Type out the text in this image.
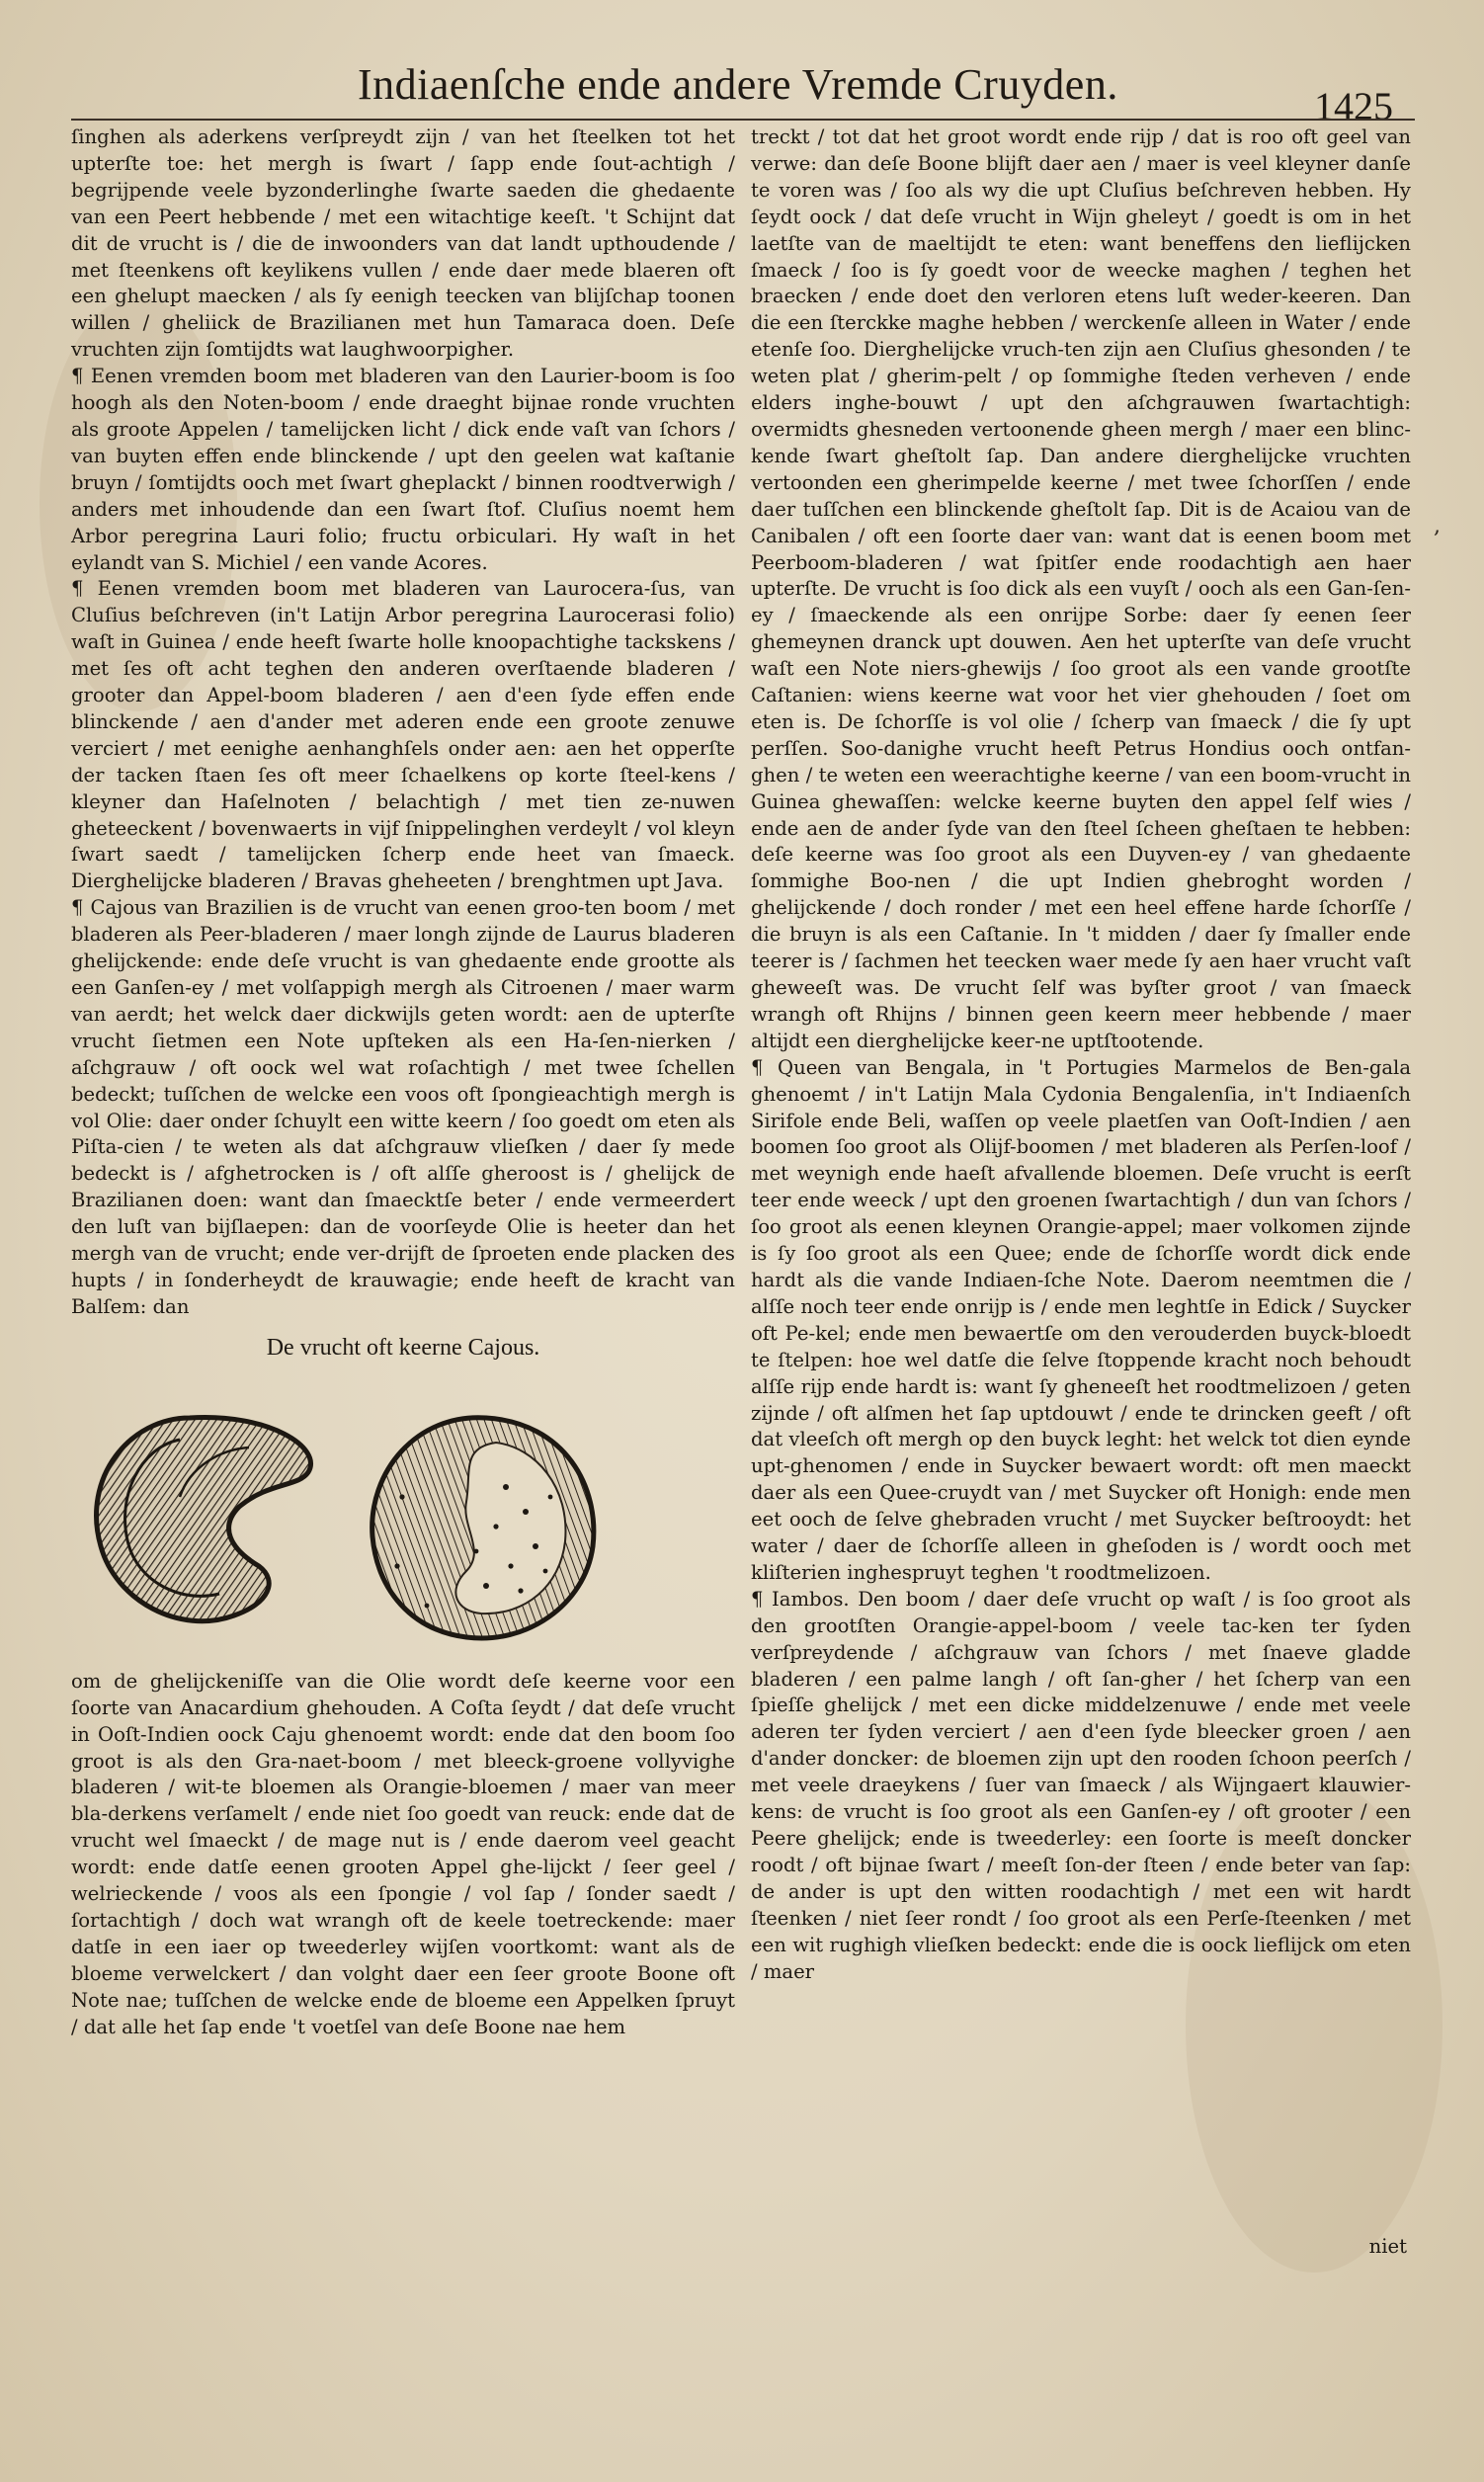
Indiaenſche ende andere Vremde Cruyden.	1425
,

ſinghen als aderkens verſpreydt zijn / van het ſteelken tot het upterſte toe: het mergh is ſwart / ſapp ende ſout-achtigh / begrijpende veele byzonderlinghe ſwarte saeden die ghedaente van een Peert hebbende / met een witachtige keeſt. 't Schijnt dat dit de vrucht is / die de inwoonders van dat landt upthoudende / met ſteenkens oft keylikens vullen / ende daer mede blaeren oft een ghelupt maecken / als ſy eenigh teecken van blijſchap toonen willen / gheliick de Brazilianen met hun Tamaraca doen. Deſe vruchten zijn ſomtijdts wat laughwoorpigher.

¶ Eenen vremden boom met bladeren van den Laurier-boom is ſoo hoogh als den Noten-boom / ende draeght bijnae ronde vruchten als groote Appelen / tamelijcken licht / dick ende vaſt van ſchors / van buyten effen ende blinckende / upt den geelen wat kaſtanie bruyn / ſomtijdts ooch met ſwart gheplackt / binnen roodtverwigh / anders met inhoudende dan een ſwart ſtof. Cluſius noemt hem Arbor peregrina Lauri folio; fructu orbiculari. Hy waſt in het eylandt van S. Michiel / een vande Acores.

¶ Eenen vremden boom met bladeren van Laurocera-ſus, van Cluſius beſchreven (in't Latijn Arbor peregrina Laurocerasi folio) waſt in Guinea / ende heeft ſwarte holle knoopachtighe tackskens / met ſes oft acht teghen den anderen overſtaende bladeren / grooter dan Appel-boom bladeren / aen d'een ſyde effen ende blinckende / aen d'ander met aderen ende een groote zenuwe verciert / met eenighe aenhanghſels onder aen: aen het opperſte der tacken ſtaen ſes oft meer ſchaelkens op korte ſteel-kens / kleyner dan Haſelnoten / belachtigh / met tien ze-nuwen gheteeckent / bovenwaerts in vijf ſnippelinghen verdeylt / vol kleyn ſwart saedt / tamelijcken ſcherp ende heet van ſmaeck. Dierghelijcke bladeren / Bravas gheheeten / brenghtmen upt Java.

¶ Cajous van Brazilien is de vrucht van eenen groo-ten boom / met bladeren als Peer-bladeren / maer longh zijnde de Laurus bladeren ghelijckende: ende deſe vrucht is van ghedaente ende grootte als een Ganſen-ey / met volſappigh mergh als Citroenen / maer warm van aerdt; het welck daer dickwijls geten wordt: aen de upterſte vrucht ſietmen een Note upſteken als een Ha-ſen-nierken / aſchgrauw / oft oock wel wat roſachtigh / met twee ſchellen bedeckt; tuſſchen de welcke een voos oft ſpongieachtigh mergh is vol Olie: daer onder ſchuylt een witte keern / ſoo goedt om eten als Piſta-cien / te weten als dat aſchgrauw vlieſken / daer ſy mede bedeckt is / afghetrocken is / oft alſſe gheroost is / ghelijck de Brazilianen doen: want dan ſmaecktſe beter / ende vermeerdert den luſt van bijſlaepen: dan de voorſeyde Olie is heeter dan het mergh van de vrucht; ende ver-drijft de ſproeten ende placken des hupts / in ſonderheydt de krauwagie; ende heeft de kracht van Balſem: dan

De vrucht oft keerne Cajous.

om de ghelijckeniſſe van die Olie wordt deſe keerne voor een ſoorte van Anacardium ghehouden. A Coſta ſeydt / dat deſe vrucht in Ooſt-Indien oock Caju ghenoemt wordt: ende dat den boom ſoo groot is als den Gra-naet-boom / met bleeck-groene vollyvighe bladeren / wit-te bloemen als Orangie-bloemen / maer van meer bla-derkens verſamelt / ende niet ſoo goedt van reuck: ende dat de vrucht wel ſmaeckt / de mage nut is / ende daerom veel geacht wordt: ende datſe eenen grooten Appel ghe-lijckt / ſeer geel / welrieckende / voos als een ſpongie / vol ſap / ſonder saedt / ſortachtigh / doch wat wrangh oft de keele toetreckende: maer datſe in een iaer op tweederley wijſen voortkomt: want als de bloeme verwelckert / dan volght daer een ſeer groote Boone oft Note nae; tuſſchen de welcke ende de bloeme een Appelken ſpruyt / dat alle het ſap ende 't voetſel van deſe Boone nae hem

treckt / tot dat het groot wordt ende rijp / dat is roo oft geel van verwe: dan deſe Boone blijft daer aen / maer is veel kleyner danſe te voren was / ſoo als wy die upt Cluſius beſchreven hebben. Hy ſeydt oock / dat deſe vrucht in Wijn gheleyt / goedt is om in het laetſte van de maeltijdt te eten: want beneffens den lieflijcken ſmaeck / ſoo is ſy goedt voor de weecke maghen / teghen het braecken / ende doet den verloren etens luſt weder-keeren. Dan die een ſterckke maghe hebben / werckenſe alleen in Water / ende etenſe ſoo. Dierghelijcke vruch-ten zijn aen Cluſius ghesonden / te weten plat / gherim-pelt / op ſommighe ſteden verheven / ende elders inghe-bouwt / upt den aſchgrauwen ſwartachtigh: overmidts ghesneden vertoonende gheen mergh / maer een blinc-kende ſwart gheſtolt ſap. Dan andere dierghelijcke vruchten vertoonden een gherimpelde keerne / met twee ſchorſſen / ende daer tuſſchen een blinckende gheſtolt ſap. Dit is de Acaiou van de Canibalen / oft een ſoorte daer van: want dat is eenen boom met Peerboom-bladeren / wat ſpitſer ende roodachtigh aen haer upterſte. De vrucht is ſoo dick als een vuyſt / ooch als een Gan-ſen-ey / ſmaeckende als een onrijpe Sorbe: daer ſy eenen ſeer ghemeynen dranck upt douwen. Aen het upterſte van deſe vrucht waſt een Note niers-ghewijs / ſoo groot als een vande grootſte Caſtanien: wiens keerne wat voor het vier ghehouden / ſoet om eten is. De ſchorſſe is vol olie / ſcherp van ſmaeck / die ſy upt perſſen. Soo-danighe vrucht heeft Petrus Hondius ooch ontfan-ghen / te weten een weerachtighe keerne / van een boom-vrucht in Guinea ghewaſſen: welcke keerne buyten den appel ſelf wies / ende aen de ander ſyde van den ſteel ſcheen gheſtaen te hebben: deſe keerne was ſoo groot als een Duyven-ey / van ghedaente ſommighe Boo-nen / die upt Indien ghebroght worden / ghelijckende / doch ronder / met een heel effene harde ſchorſſe / die bruyn is als een Caſtanie. In 't midden / daer ſy ſmaller ende teerer is / ſachmen het teecken waer mede ſy aen haer vrucht vaſt gheweeſt was. De vrucht ſelf was byſter groot / van ſmaeck wrangh oft Rhijns / binnen geen keern meer hebbende / maer altijdt een dierghelijcke keer-ne uptſtootende.

¶ Queen van Bengala, in 't Portugies Marmelos de Ben-gala ghenoemt / in't Latijn Mala Cydonia Bengalenſia, in't Indiaenſch Sirifole ende Beli, waſſen op veele plaetſen van Ooſt-Indien / aen boomen ſoo groot als Olijf-boomen / met bladeren als Perſen-loof / met weynigh ende haeſt afvallende bloemen. Deſe vrucht is eerſt teer ende weeck / upt den groenen ſwartachtigh / dun van ſchors / ſoo groot als eenen kleynen Orangie-appel; maer volkomen zijnde is ſy ſoo groot als een Quee; ende de ſchorſſe wordt dick ende hardt als die vande Indiaen-ſche Note. Daerom neemtmen die / alſſe noch teer ende onrijp is / ende men leghtſe in Edick / Suycker oft Pe-kel; ende men bewaertſe om den verouderden buyck-bloedt te ſtelpen: hoe wel datſe die ſelve ſtoppende kracht noch behoudt alſſe rijp ende hardt is: want ſy gheneeſt het roodtmelizoen / geten zijnde / oft alſmen het ſap uptdouwt / ende te drincken geeft / oft dat vleeſch oft mergh op den buyck leght: het welck tot dien eynde upt-ghenomen / ende in Suycker bewaert wordt: oft men maeckt daer als een Quee-cruydt van / met Suycker oft Honigh: ende men eet ooch de ſelve ghebraden vrucht / met Suycker beſtrooydt: het water / daer de ſchorſſe alleen in gheſoden is / wordt ooch met kliſterien inghespruyt teghen 't roodtmelizoen.

¶ Iambos. Den boom / daer deſe vrucht op waſt / is ſoo groot als den grootſten Orangie-appel-boom / veele tac-ken ter ſyden verſpreydende / aſchgrauw van ſchors / met ſnaeve gladde bladeren / een palme langh / oft ſan-gher / het ſcherp van een ſpieſſe ghelijck / met een dicke middelzenuwe / ende met veele aderen ter ſyden verciert / aen d'een ſyde bleecker groen / aen d'ander doncker: de bloemen zijn upt den rooden ſchoon peerſch / met veele draeykens / ſuer van ſmaeck / als Wijngaert klauwier-kens: de vrucht is ſoo groot als een Ganſen-ey / oft grooter / een Peere ghelijck; ende is tweederley: een ſoorte is meeſt doncker roodt / oft bijnae ſwart / meeſt ſon-der ſteen / ende beter van ſap: de ander is upt den witten roodachtigh / met een wit hardt ſteenken / niet ſeer rondt / ſoo groot als een Perſe-ſteenken / met een wit rughigh vlieſken bedeckt: ende die is oock lieflijck om eten / maer

niet
